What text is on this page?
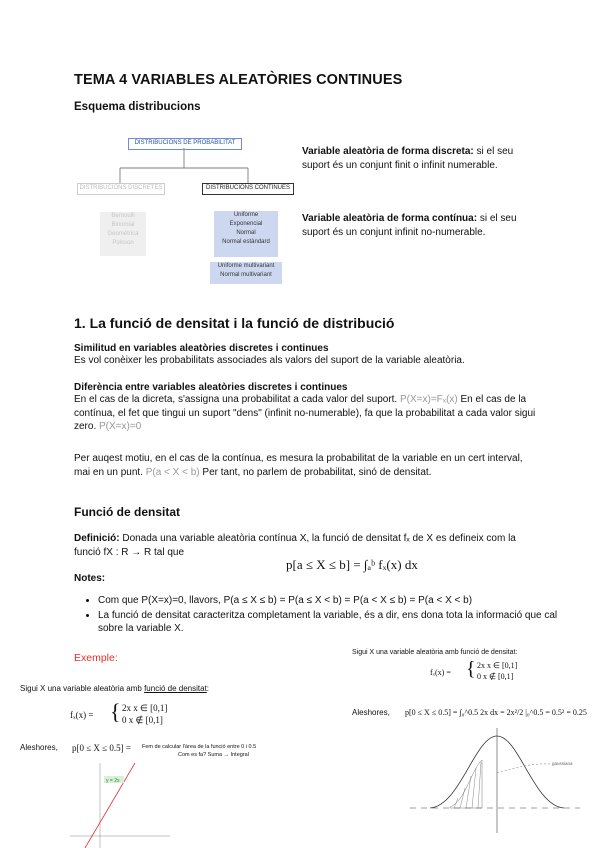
TEMA 4 VARIABLES ALEATÒRIES CONTINUES
Esquema distribucions
DISTRIBUCIONS DE PROBABILITAT
DISTRIBUCIONS DISCRETES	DISTRIBUCIONS CONTINUES
Bernoulli
Binomial
Geomètrica
Poisson
Uniforme
Exponencial
Normal
Normal estàndard
Uniforme multivariant
Normal multivariant
Variable aleatòria de forma discreta: si el seu suport és un conjunt finit o infinit numerable.
Variable aleatòria de forma contínua: si el seu suport és un conjunt infinit no-numerable.
1. La funció de densitat i la funció de distribució
Similitud en variables aleatòries discretes i continues
Es vol conèixer les probabilitats associades als valors del suport de la variable aleatòria.
Diferència entre variables aleatòries discretes i continues
En el cas de la dicreta, s'assigna una probabilitat a cada valor del suport. P(X=x)=Fₓ(x) En el cas de la contínua, el fet que tingui un suport "dens" (infinit no-numerable), fa que la probabilitat a cada valor sigui zero. P(X=x)=0
Per auqest motiu, en el cas de la contínua, es mesura la probabilitat de la variable en un cert interval, mai en un punt. P(a < X < b) Per tant, no parlem de probabilitat, sinó de densitat.
Funció de densitat
Definició: Donada una variable aleatòria contínua X, la funció de densitat fₓ de X es defineix com la funció fX : R → R tal que
p[a ≤ X ≤ b] = ∫ₐᵇ fₓ(x) dx
Notes:
• Com que P(X=x)=0, llavors, P(a ≤ X ≤ b) = P(a ≤ X < b) = P(a < X ≤ b) = P(a < X < b)
• La funció de densitat caracteritza completament la variable, és a dir, ens dona tota la informació que cal sobre la variable X.
Exemple:
Sigui X una variable aleatòria amb funció de densitat:
fₓ(x) = { 2x x ∈ [0,1]
0 x ∉ [0,1]
Aleshores, p[0 ≤ X ≤ 0.5] = Fem de calcular l'àrea de la funció entre 0 i 0.5
Com es fa? Suma → Integral
y = 2x
Sigui X una variable aleatòria amb funció de densitat:
fₓ(x) = { 2x x ∈ [0,1]
0 x ∉ [0,1]
Aleshores, p[0 ≤ X ≤ 0.5] = ∫₀^0.5 2x dx = 2x²/2 |₀^0.5 = 0.5² = 0.25
gaussiana
